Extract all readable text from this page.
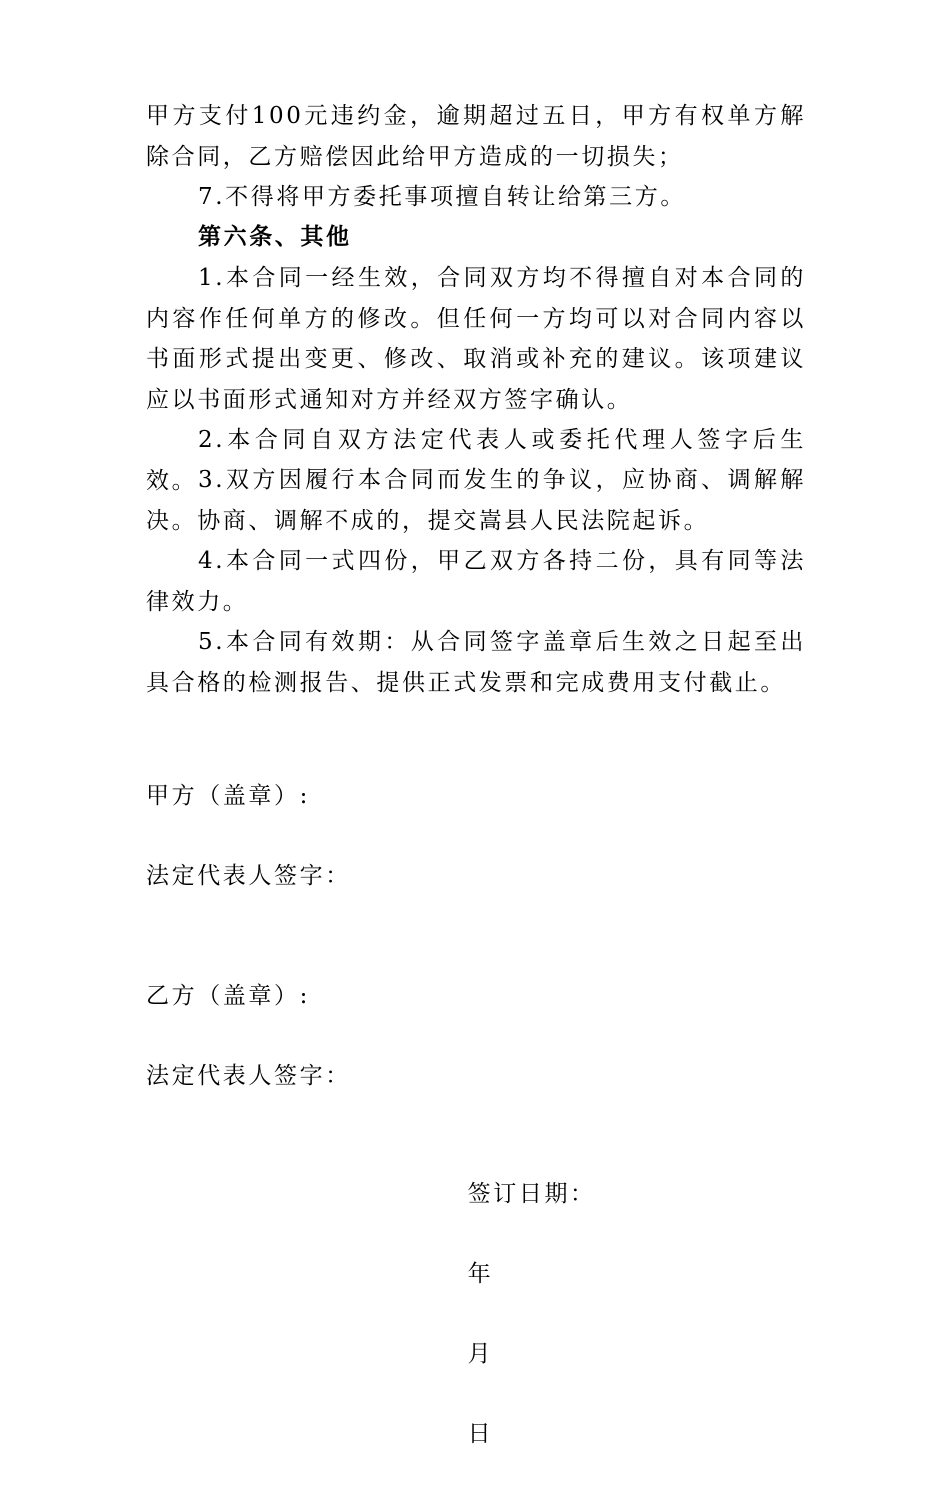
甲方支付100元违约金，逾期超过五日，甲方有权单方解除合同，乙方赔偿因此给甲方造成的一切损失；

7.不得将甲方委托事项擅自转让给第三方。

第六条、其他

1.本合同一经生效，合同双方均不得擅自对本合同的内容作任何单方的修改。但任何一方均可以对合同内容以书面形式提出变更、修改、取消或补充的建议。该项建议应以书面形式通知对方并经双方签字确认。

2.本合同自双方法定代表人或委托代理人签字后生效。 3.双方因履行本合同而发生的争议，应协商、调解解决。协商、调解不成的，提交嵩县人民法院起诉。

4.本合同一式四份，甲乙双方各持二份，具有同等法律效力。

5.本合同有效期：从合同签字盖章后生效之日起至出具合格的检测报告、提供正式发票和完成费用支付截止。

甲方（盖章）:

法定代表人签字：

乙方（盖章）:

法定代表人签字：

签订日期：

年

月

日
